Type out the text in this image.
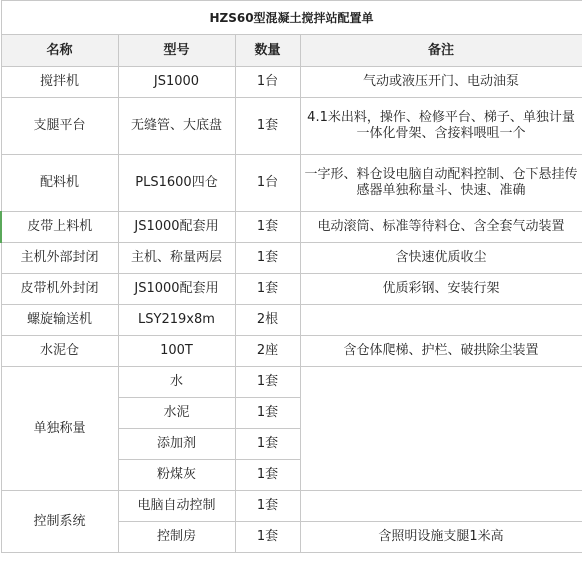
HZS60型混凝土搅拌站配置单			
名称	型号	数量	备注
搅拌机	JS1000	1台	气动或液压开门、电动油泵
支腿平台	无缝管、大底盘	1套	4.1米出料，操作、检修平台、梯子、单独计量一体化骨架、含接料喂咀一个
配料机	PLS1600四仓	1台	一字形、料仓设电脑自动配料控制、仓下悬挂传感器单独称量斗、快速、准确
皮带上料机	JS1000配套用	1套	电动滚筒、标准等待料仓、含全套气动装置
主机外部封闭	主机、称量两层	1套	含快速优质收尘
皮带机外封闭	JS1000配套用	1套	优质彩钢、安装行架
螺旋输送机	LSY219x8m	2根	
水泥仓	100T	2座	含仓体爬梯、护栏、破拱除尘装置
单独称量	水	1套	
	水泥	1套	
	添加剂	1套	
	粉煤灰	1套	
控制系统	电脑自动控制	1套	
	控制房	1套	含照明设施支腿1米高
